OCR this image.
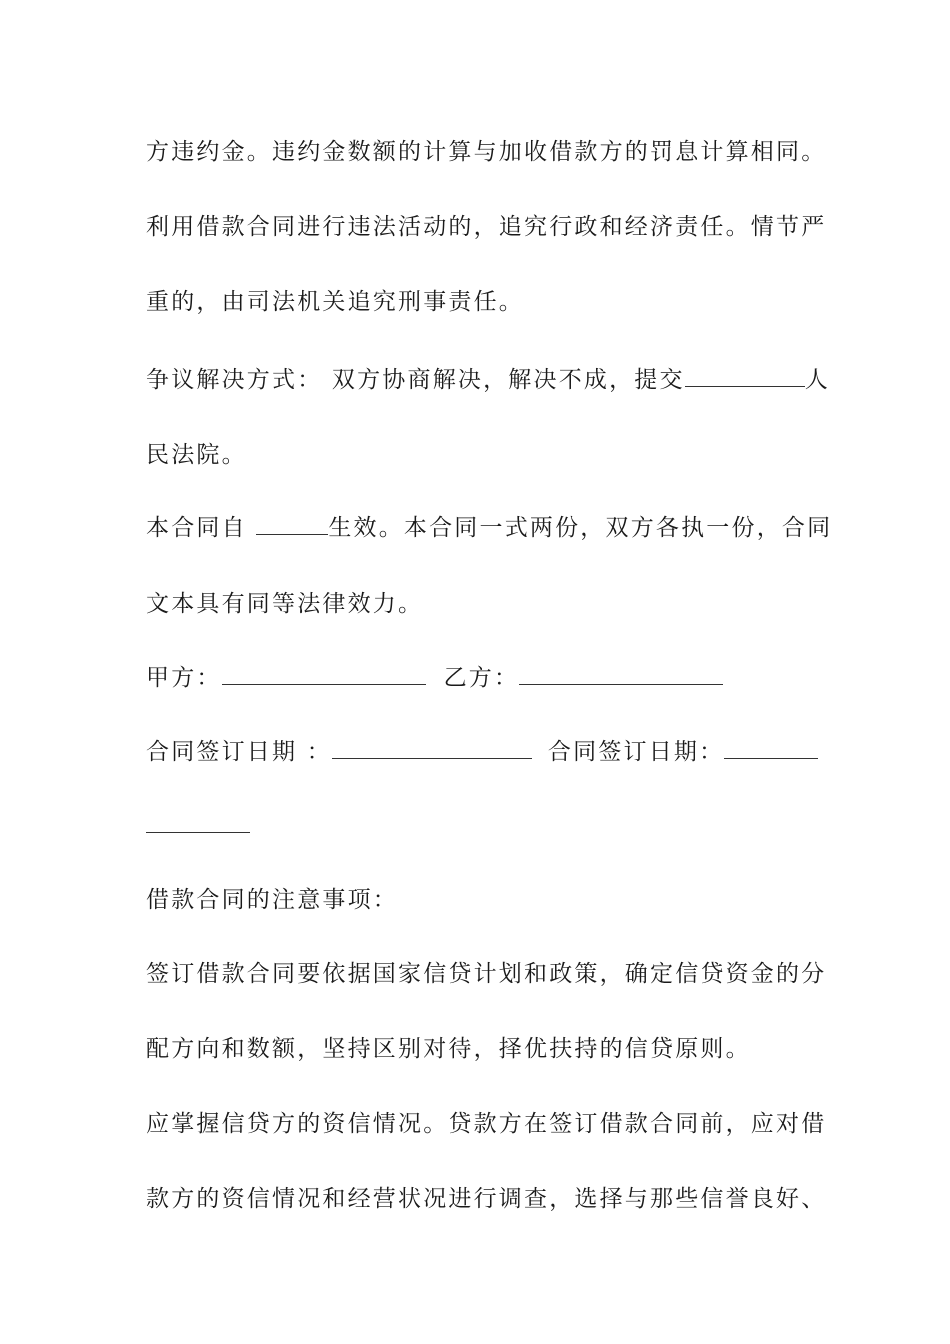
方违约金。违约金数额的计算与加收借款方的罚息计算相同。
利用借款合同进行违法活动的，追究行政和经济责任。情节严
重的，由司法机关追究刑事责任。
争议解决方式： 双方协商解决，解决不成，提交	人
民法院。
本合同自	生效。本合同一式两份，双方各执一份，合同
文本具有同等法律效力。
甲方：	乙方：
合同签订日期 ：	合同签订日期：
借款合同的注意事项：
签订借款合同要依据国家信贷计划和政策，确定信贷资金的分
配方向和数额，坚持区别对待，择优扶持的信贷原则。
应掌握信贷方的资信情况。贷款方在签订借款合同前，应对借
款方的资信情况和经营状况进行调查，选择与那些信誉良好、
